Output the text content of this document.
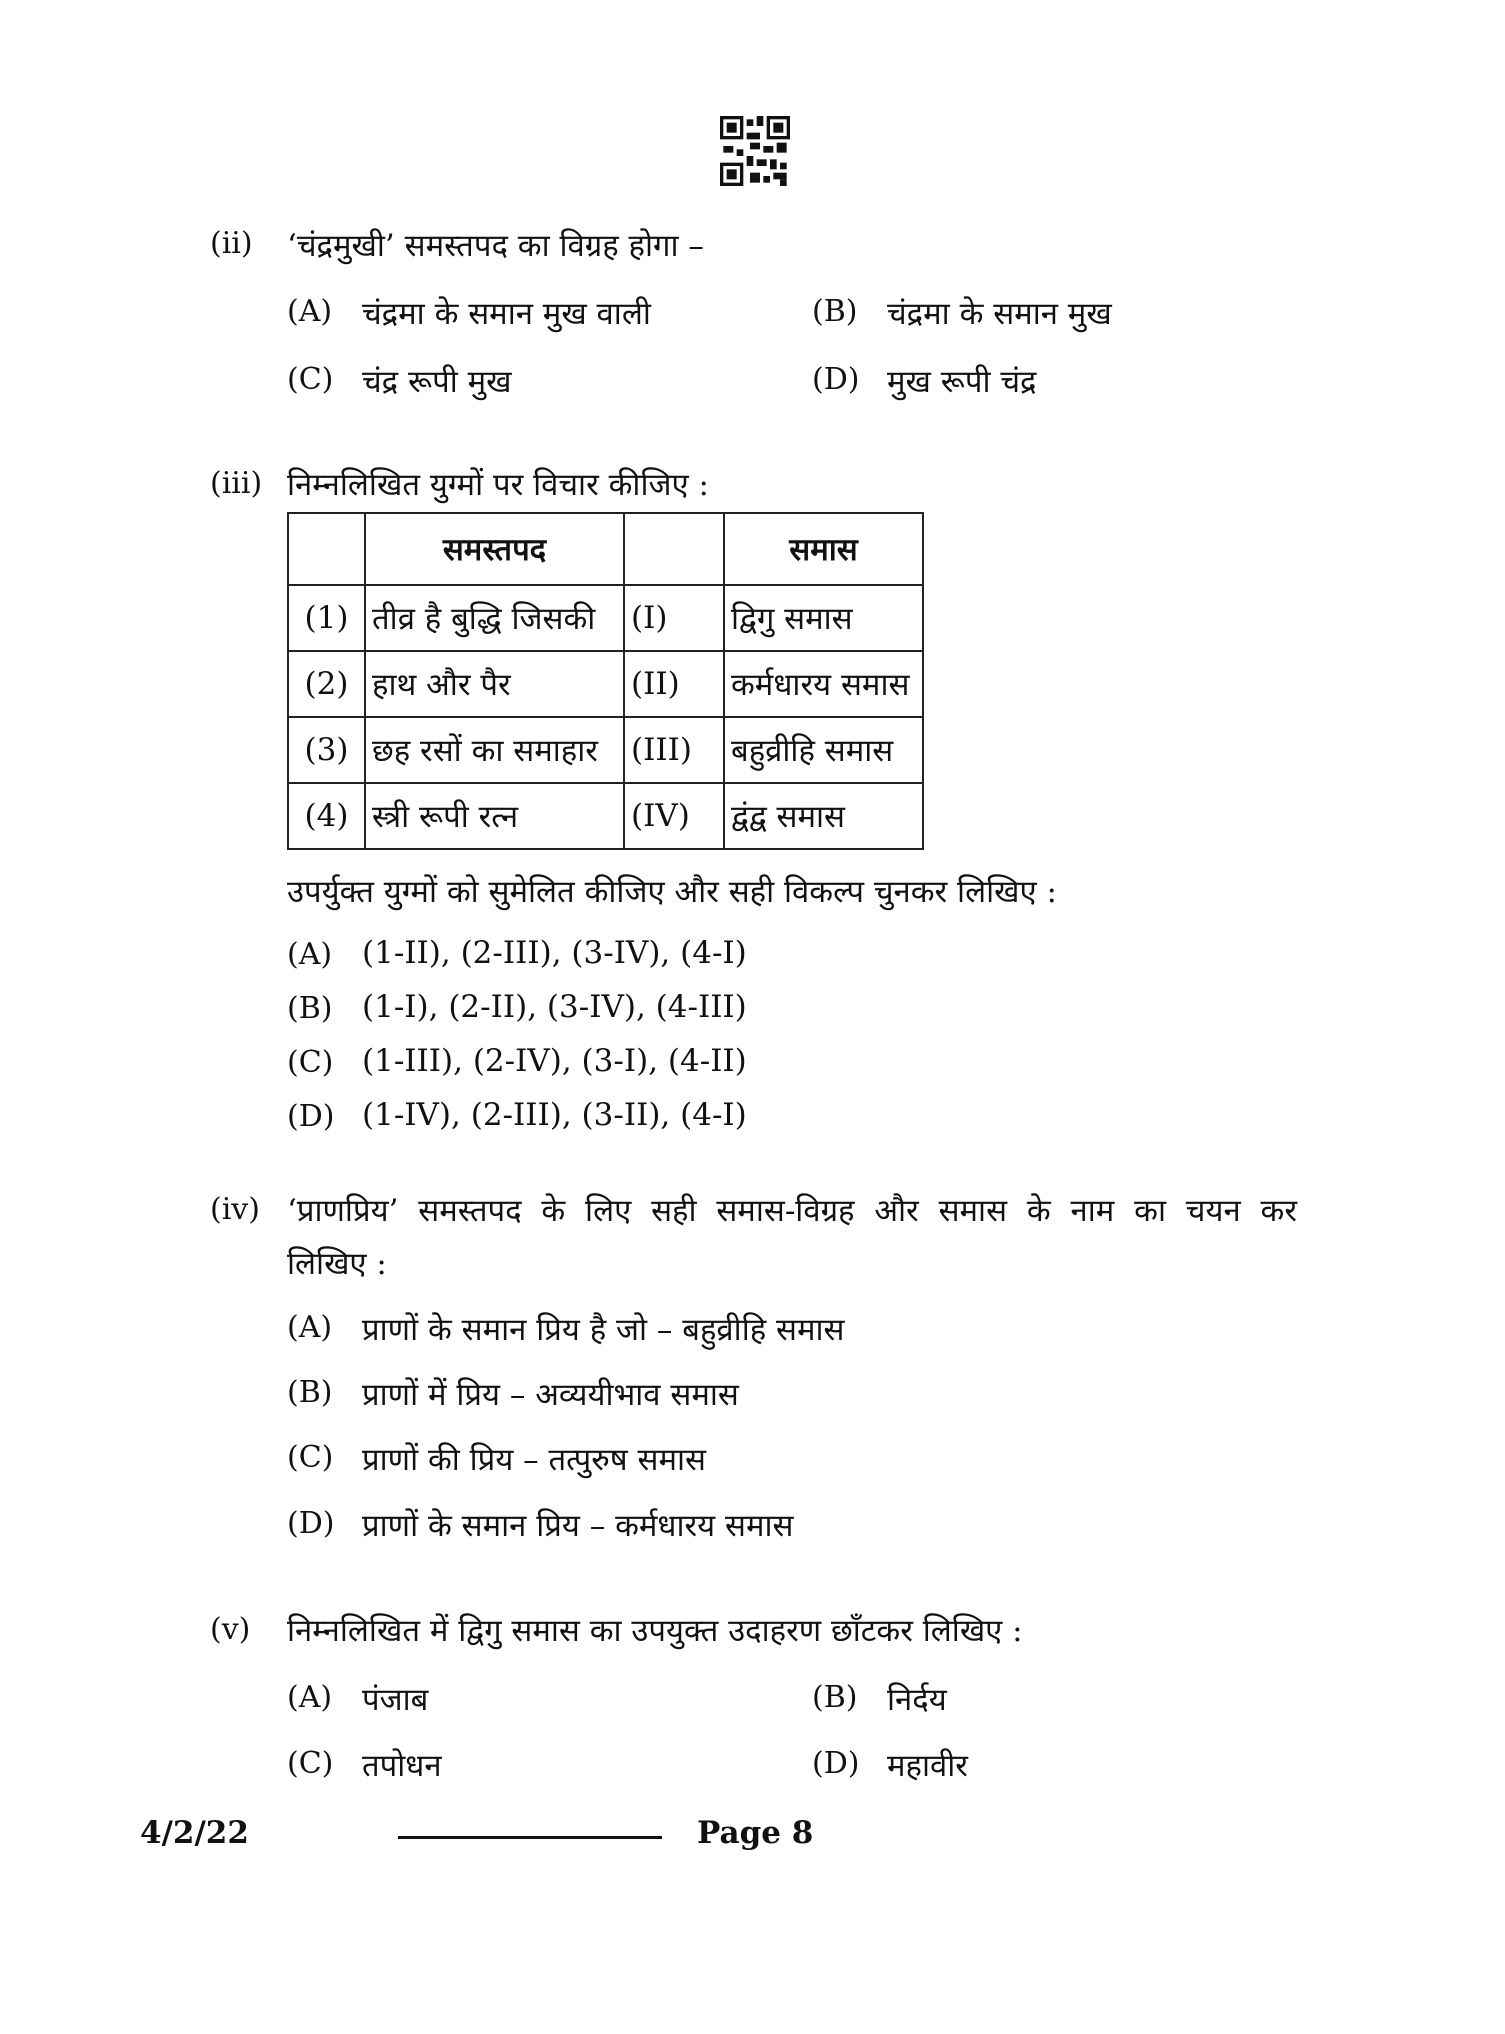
(ii) ‘चंद्रमुखी’ समस्तपद का विग्रह होगा –
(A) चंद्रमा के समान मुख वाली	(B) चंद्रमा के समान मुख
(C) चंद्र रूपी मुख	(D) मुख रूपी चंद्र
(iii) निम्नलिखित युग्मों पर विचार कीजिए :
	समस्तपद		समास
(1)	तीव्र है बुद्धि जिसकी	(I)	द्विगु समास
(2)	हाथ और पैर	(II)	कर्मधारय समास
(3)	छह रसों का समाहार	(III)	बहुव्रीहि समास
(4)	स्त्री रूपी रत्न	(IV)	द्वंद्व समास
उपर्युक्त युग्मों को सुमेलित कीजिए और सही विकल्प चुनकर लिखिए :
(A) (1-II), (2-III), (3-IV), (4-I)
(B) (1-I), (2-II), (3-IV), (4-III)
(C) (1-III), (2-IV), (3-I), (4-II)
(D) (1-IV), (2-III), (3-II), (4-I)
(iv) ‘प्राणप्रिय’ समस्तपद के लिए सही समास-विग्रह और समास के नाम का चयन कर
लिखिए :
(A) प्राणों के समान प्रिय है जो – बहुव्रीहि समास
(B) प्राणों में प्रिय – अव्ययीभाव समास
(C) प्राणों की प्रिय – तत्पुरुष समास
(D) प्राणों के समान प्रिय – कर्मधारय समास
(v) निम्नलिखित में द्विगु समास का उपयुक्त उदाहरण छाँटकर लिखिए :
(A) पंजाब	(B) निर्दय
(C) तपोधन	(D) महावीर
4/2/22	Page 8
